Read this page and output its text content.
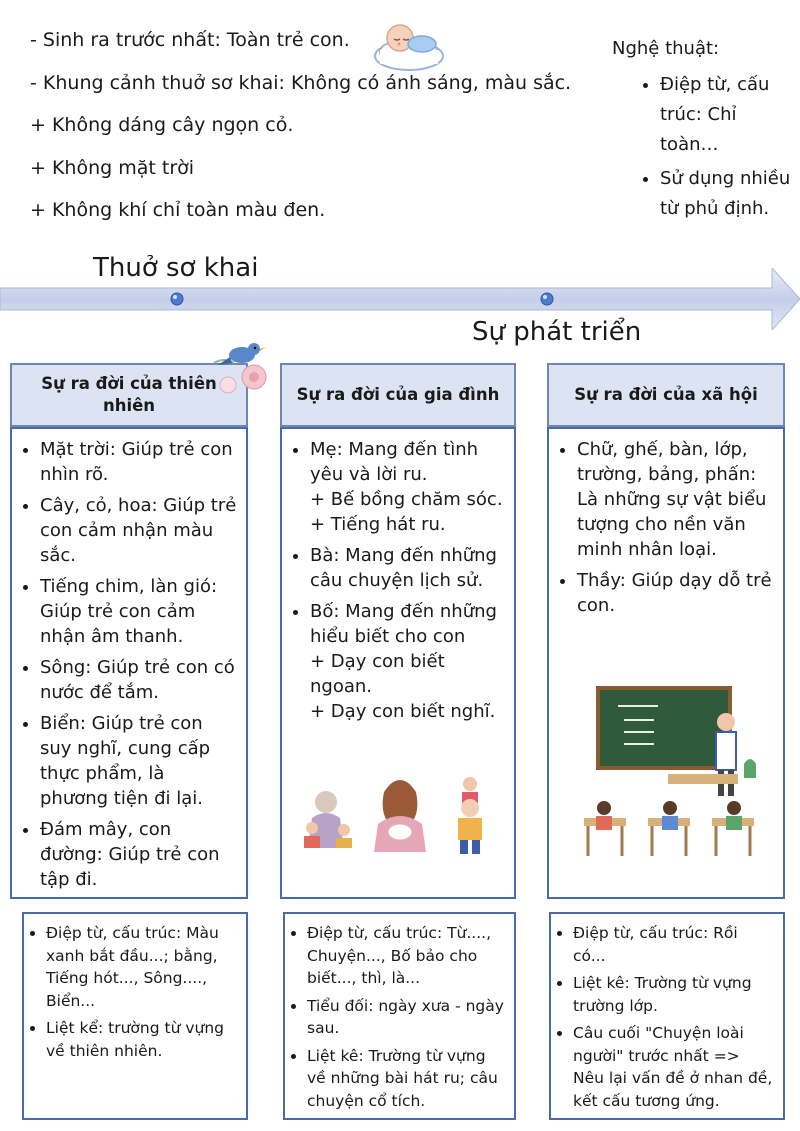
- Sinh ra trước nhất: Toàn trẻ con.
- Khung cảnh thuở sơ khai: Không có ánh sáng, màu sắc.
+ Không dáng cây ngọn cỏ.
+ Không mặt trời
+ Không khí chỉ toàn màu đen.
Nghệ thuật:
• Điệp từ, cấu trúc: Chỉ toàn…
• Sử dụng nhiều từ phủ định.
Thuở sơ khai
Sự phát triển
Sự ra đời của thiên nhiên
Sự ra đời của gia đình	Sự ra đời của xã hội
• Mặt trời: Giúp trẻ con nhìn rõ.
• Cây, cỏ, hoa: Giúp trẻ con cảm nhận màu sắc.
• Tiếng chim, làn gió: Giúp trẻ con cảm nhận âm thanh.
• Sông: Giúp trẻ con có nước để tắm.
• Biển: Giúp trẻ con suy nghĩ, cung cấp thực phẩm, là phương tiện đi lại.
• Đám mây, con đường: Giúp trẻ con tập đi.
• Mẹ: Mang đến tình yêu và lời ru.
+ Bế bồng chăm sóc.
+ Tiếng hát ru.
• Bà: Mang đến những câu chuyện lịch sử.
• Bố: Mang đến những hiểu biết cho con
+ Dạy con biết ngoan.
+ Dạy con biết nghĩ.
• Chữ, ghế, bàn, lớp, trường, bảng, phấn: Là những sự vật biểu tượng cho nền văn minh nhân loại.
• Thầy: Giúp dạy dỗ trẻ con.
• Điệp từ, cấu trúc: Màu xanh bắt đầu...; bằng, Tiếng hót..., Sông...., Biển...
• Liệt kể: trường từ vựng về thiên nhiên.
• Điệp từ, cấu trúc: Từ...., Chuyện..., Bố bảo cho biết..., thì, là...
• Tiểu đối: ngày xưa - ngày sau.
• Liệt kê: Trường từ vựng về những bài hát ru; câu chuyện cổ tích.
• Điệp từ, cấu trúc: Rồi có...
• Liệt kê: Trường từ vựng trường lớp.
• Câu cuối "Chuyện loài người" trước nhất => Nêu lại vấn đề ở nhan đề, kết cấu tương ứng.
